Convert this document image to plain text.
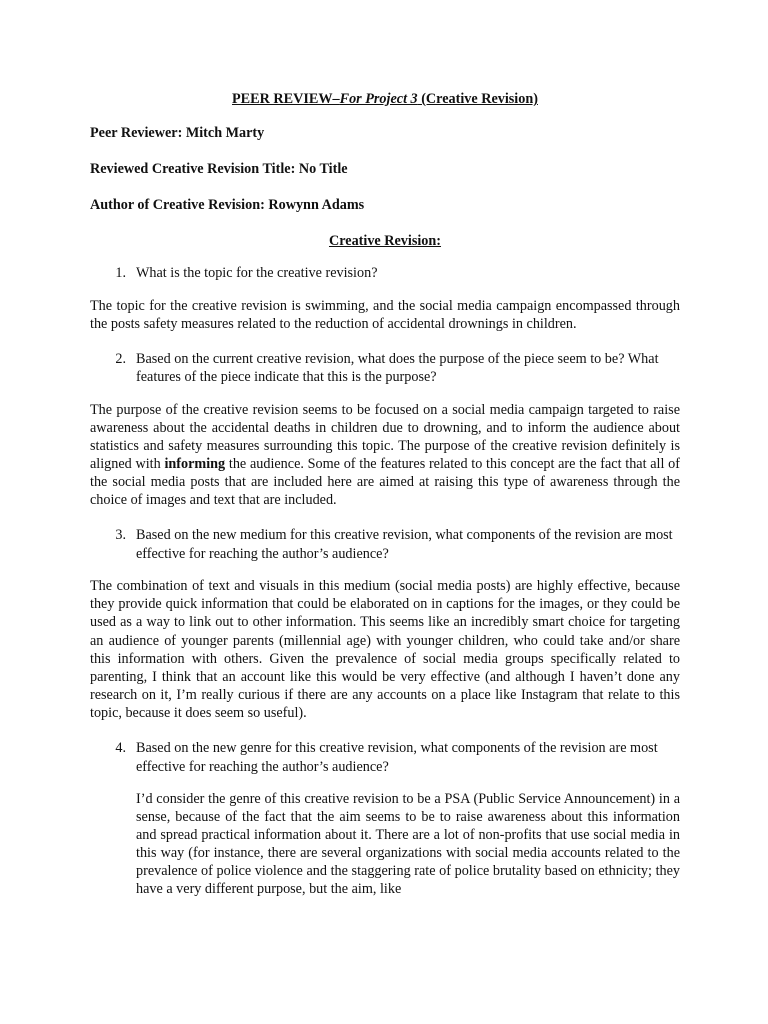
PEER REVIEW–For Project 3 (Creative Revision)

Peer Reviewer: Mitch Marty

Reviewed Creative Revision Title: No Title

Author of Creative Revision: Rowynn Adams

Creative Revision:

1. What is the topic for the creative revision?

The topic for the creative revision is swimming, and the social media campaign encompassed through the posts safety measures related to the reduction of accidental drownings in children.

2. Based on the current creative revision, what does the purpose of the piece seem to be? What features of the piece indicate that this is the purpose?

The purpose of the creative revision seems to be focused on a social media campaign targeted to raise awareness about the accidental deaths in children due to drowning, and to inform the audience about statistics and safety measures surrounding this topic. The purpose of the creative revision definitely is aligned with informing the audience. Some of the features related to this concept are the fact that all of the social media posts that are included here are aimed at raising this type of awareness through the choice of images and text that are included.

3. Based on the new medium for this creative revision, what components of the revision are most effective for reaching the author’s audience?

The combination of text and visuals in this medium (social media posts) are highly effective, because they provide quick information that could be elaborated on in captions for the images, or they could be used as a way to link out to other information. This seems like an incredibly smart choice for targeting an audience of younger parents (millennial age) with younger children, who could take and/or share this information with others. Given the prevalence of social media groups specifically related to parenting, I think that an account like this would be very effective (and although I haven’t done any research on it, I’m really curious if there are any accounts on a place like Instagram that relate to this topic, because it does seem so useful).

4. Based on the new genre for this creative revision, what components of the revision are most effective for reaching the author’s audience?

I’d consider the genre of this creative revision to be a PSA (Public Service Announcement) in a sense, because of the fact that the aim seems to be to raise awareness about this information and spread practical information about it. There are a lot of non-profits that use social media in this way (for instance, there are several organizations with social media accounts related to the prevalence of police violence and the staggering rate of police brutality based on ethnicity; they have a very different purpose, but the aim, like
